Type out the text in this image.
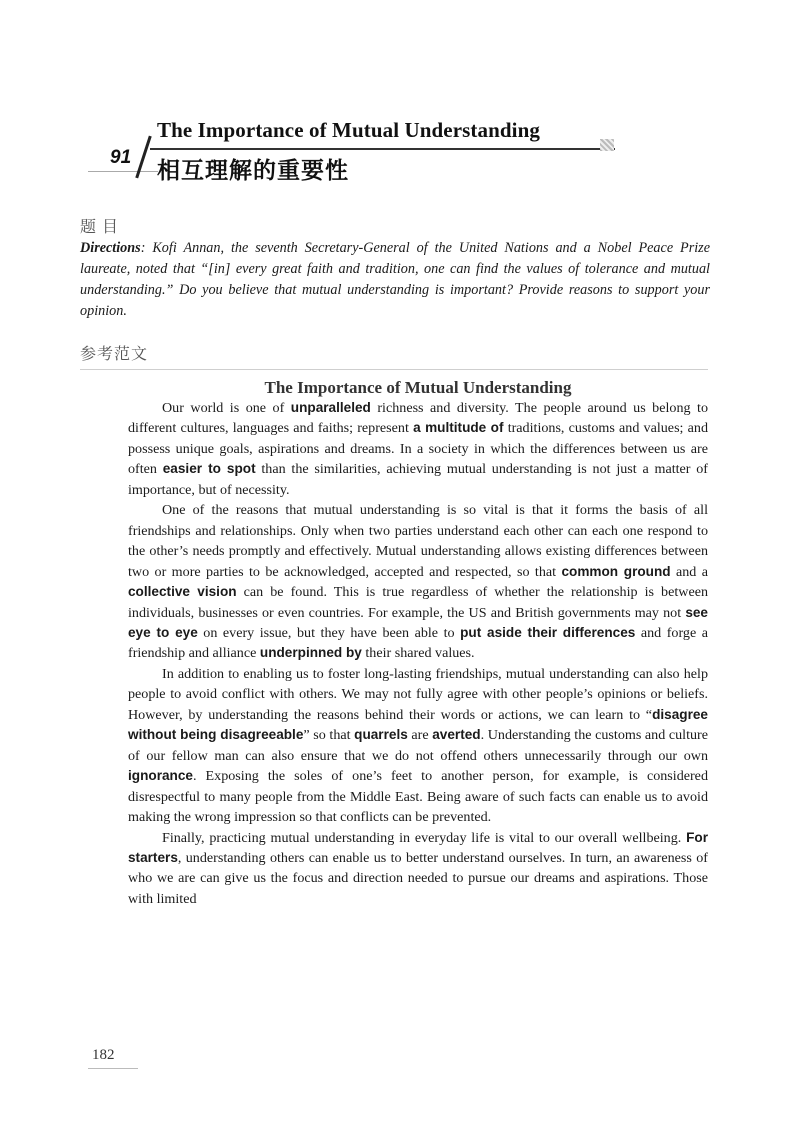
The Importance of Mutual Understanding
91 相互理解的重要性
题目
Directions: Kofi Annan, the seventh Secretary-General of the United Nations and a Nobel Peace Prize laureate, noted that “[in] every great faith and tradition, one can find the values of tolerance and mutual understanding.” Do you believe that mutual understanding is important? Provide reasons to support your opinion.
参考范文
The Importance of Mutual Understanding

Our world is one of unparalleled richness and diversity. The people around us belong to different cultures, languages and faiths; represent a multitude of traditions, customs and values; and possess unique goals, aspirations and dreams. In a society in which the differences between us are often easier to spot than the similarities, achieving mutual understanding is not just a matter of importance, but of necessity.

One of the reasons that mutual understanding is so vital is that it forms the basis of all friendships and relationships. Only when two parties understand each other can each one respond to the other’s needs promptly and effectively. Mutual understanding allows existing differences between two or more parties to be acknowledged, accepted and respected, so that common ground and a collective vision can be found. This is true regardless of whether the relationship is between individuals, businesses or even countries. For example, the US and British governments may not see eye to eye on every issue, but they have been able to put aside their differences and forge a friendship and alliance underpinned by their shared values.

In addition to enabling us to foster long-lasting friendships, mutual understanding can also help people to avoid conflict with others. We may not fully agree with other people’s opinions or beliefs. However, by understanding the reasons behind their words or actions, we can learn to “disagree without being disagreeable” so that quarrels are averted. Understanding the customs and culture of our fellow man can also ensure that we do not offend others unnecessarily through our own ignorance. Exposing the soles of one’s feet to another person, for example, is considered disrespectful to many people from the Middle East. Being aware of such facts can enable us to avoid making the wrong impression so that conflicts can be prevented.

Finally, practicing mutual understanding in everyday life is vital to our overall wellbeing. For starters, understanding others can enable us to better understand ourselves. In turn, an awareness of who we are can give us the focus and direction needed to pursue our dreams and aspirations. Those with limited

182
